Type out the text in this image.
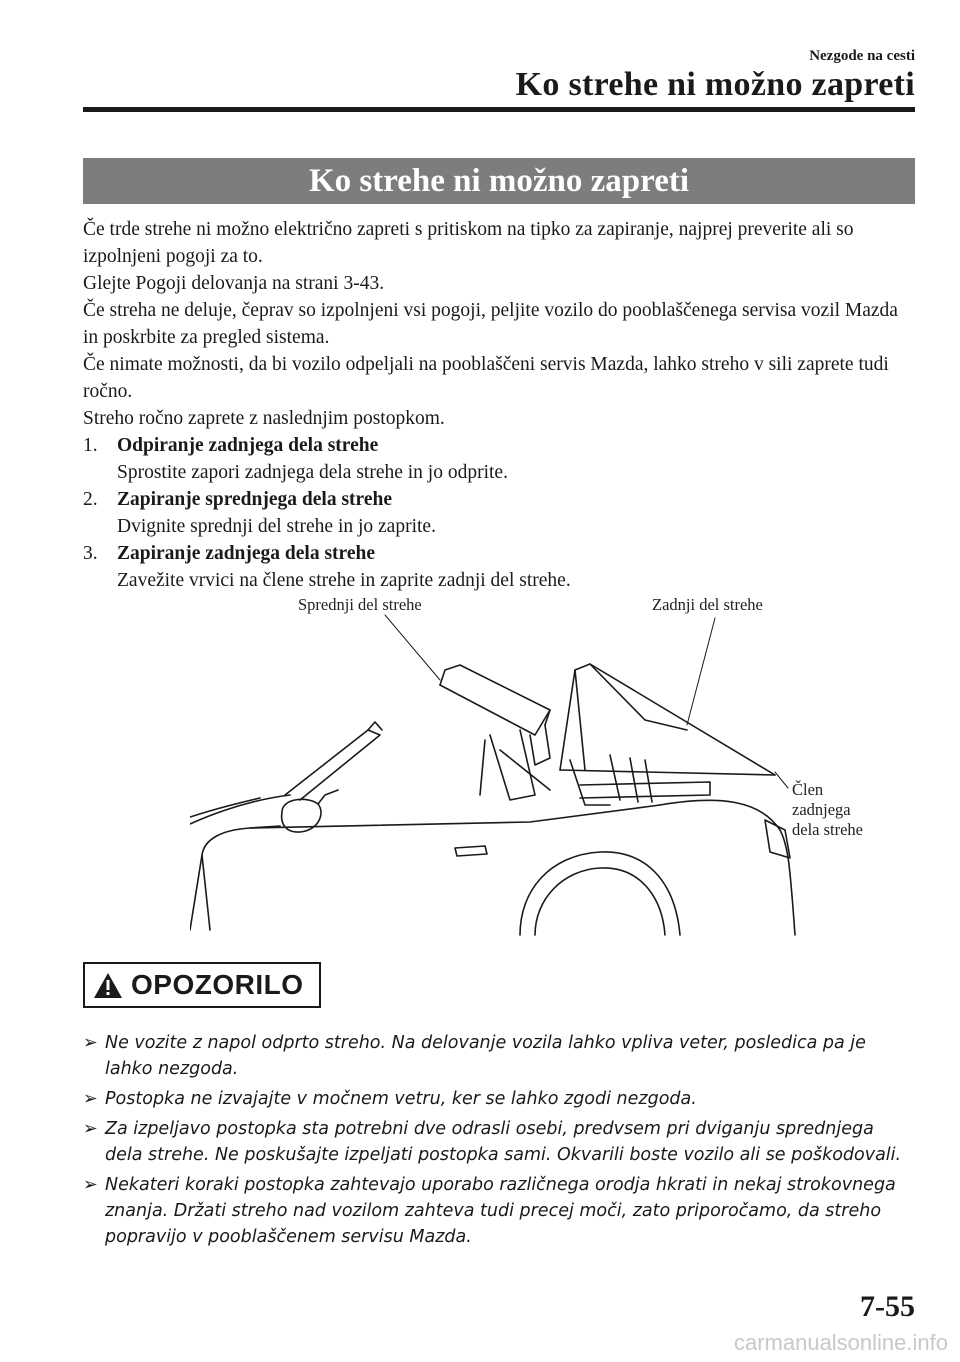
Nezgode na cesti
Ko strehe ni možno zapreti
Ko strehe ni možno zapreti

Če trde strehe ni možno električno zapreti s pritiskom na tipko za zapiranje, najprej preverite ali so izpolnjeni pogoji za to.

Glejte Pogoji delovanja na strani 3-43.

Če streha ne deluje, čeprav so izpolnjeni vsi pogoji, peljite vozilo do pooblaščenega servisa vozil Mazda in poskrbite za pregled sistema.

Če nimate možnosti, da bi vozilo odpeljali na pooblaščeni servis Mazda, lahko streho v sili zaprete tudi ročno.

Streho ročno zaprete z naslednjim postopkom.

1. Odpiranje zadnjega dela strehe
Sprostite zapori zadnjega dela strehe in jo odprite.
2. Zapiranje sprednjega dela strehe
Dvignite sprednji del strehe in jo zaprite.
3. Zapiranje zadnjega dela strehe
Zavežite vrvici na člene strehe in zaprite zadnji del strehe.
Sprednji del strehe	Zadnji del strehe
Člen
zadnjega
dela strehe
OPOZORILO
➢ Ne vozite z napol odprto streho. Na delovanje vozila lahko vpliva veter, posledica pa je lahko nezgoda.
➢ Postopka ne izvajajte v močnem vetru, ker se lahko zgodi nezgoda.
➢ Za izpeljavo postopka sta potrebni dve odrasli osebi, predvsem pri dviganju sprednjega dela strehe. Ne poskušajte izpeljati postopka sami. Okvarili boste vozilo ali se poškodovali.
➢ Nekateri koraki postopka zahtevajo uporabo različnega orodja hkrati in nekaj strokovnega znanja. Držati streho nad vozilom zahteva tudi precej moči, zato priporočamo, da streho popravijo v pooblaščenem servisu Mazda.
7-55
carmanualsonline.info
